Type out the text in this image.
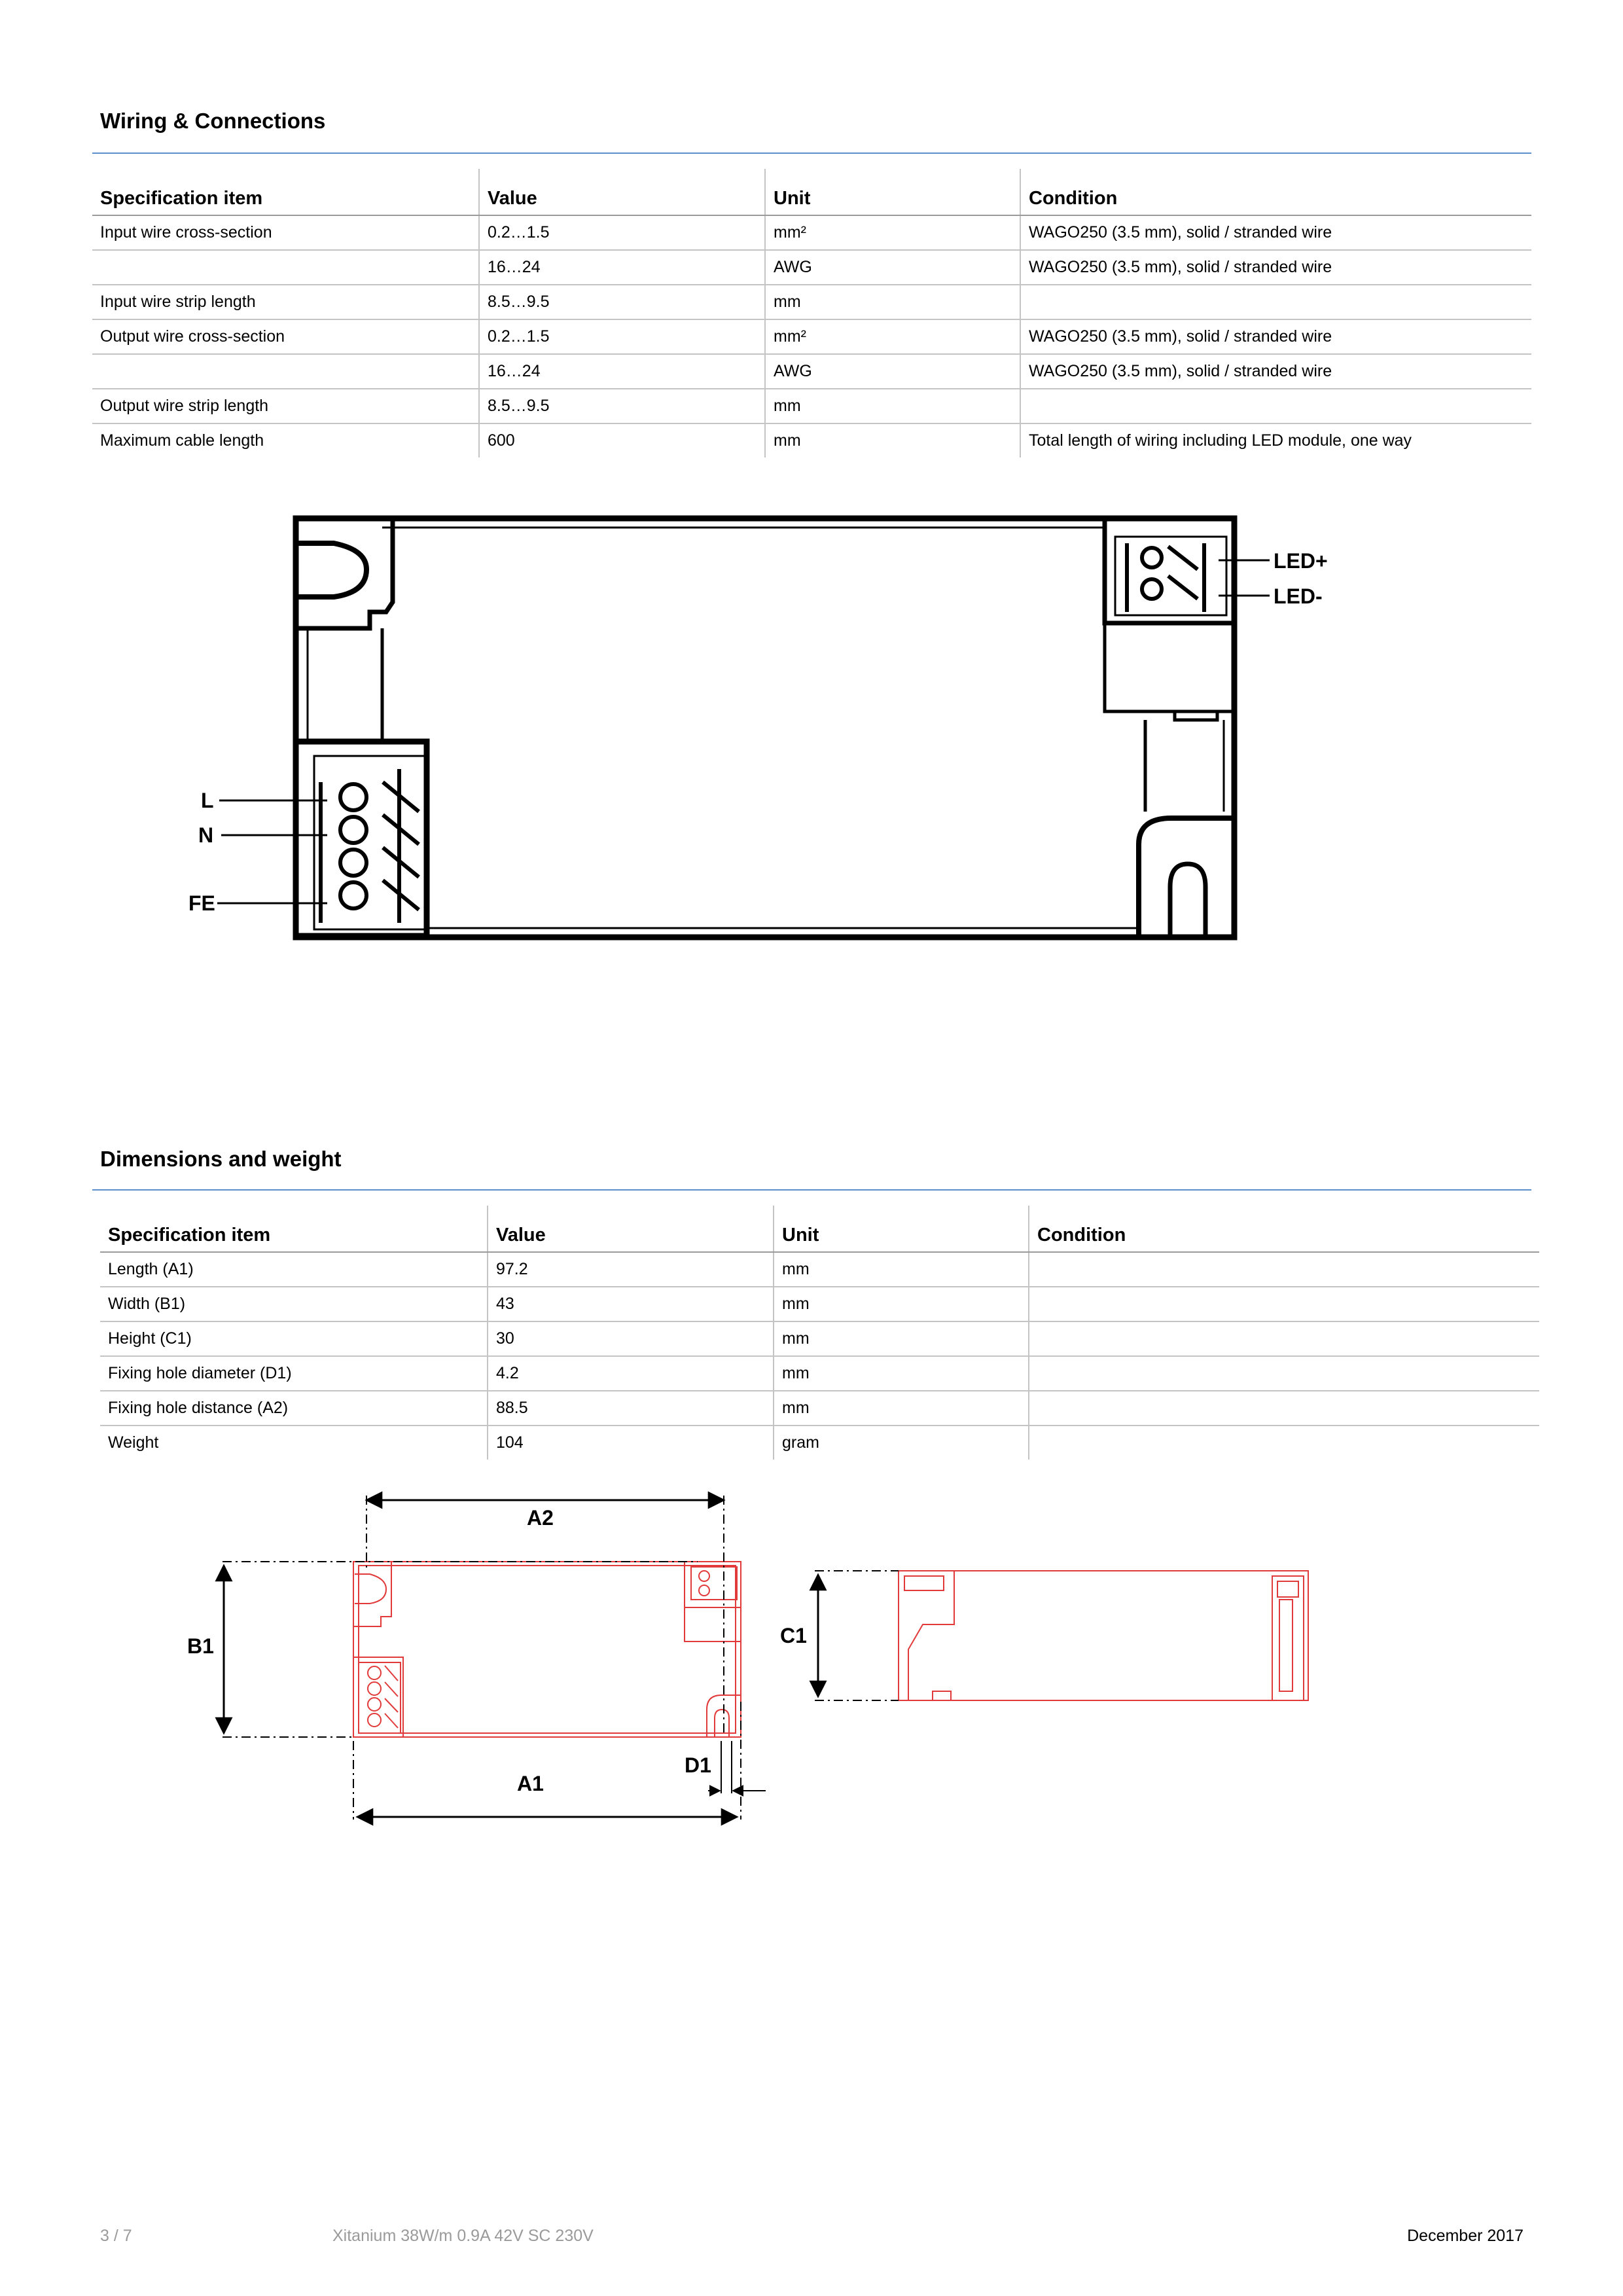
Wiring & Connections
Specification item	Value	Unit	Condition
Input wire cross-section	0.2…1.5	mm²	WAGO250 (3.5 mm), solid / stranded wire
	16…24	AWG	WAGO250 (3.5 mm), solid / stranded wire
Input wire strip length	8.5…9.5	mm	
Output wire cross-section	0.2…1.5	mm²	WAGO250 (3.5 mm), solid / stranded wire
	16…24	AWG	WAGO250 (3.5 mm), solid / stranded wire
Output wire strip length	8.5…9.5	mm	
Maximum cable length	600	mm	Total length of wiring including LED module, one way
LED+
LED-
L
N
FE
Dimensions and weight
Specification item	Value	Unit	Condition
Length (A1)	97.2	mm	
Width (B1)	43	mm	
Height (C1)	30	mm	
Fixing hole diameter (D1)	4.2	mm	
Fixing hole distance (A2)	88.5	mm	
Weight	104	gram	
A2
B1	C1
D1
A1
3 / 7	Xitanium 38W/m 0.9A 42V SC 230V	December 2017
